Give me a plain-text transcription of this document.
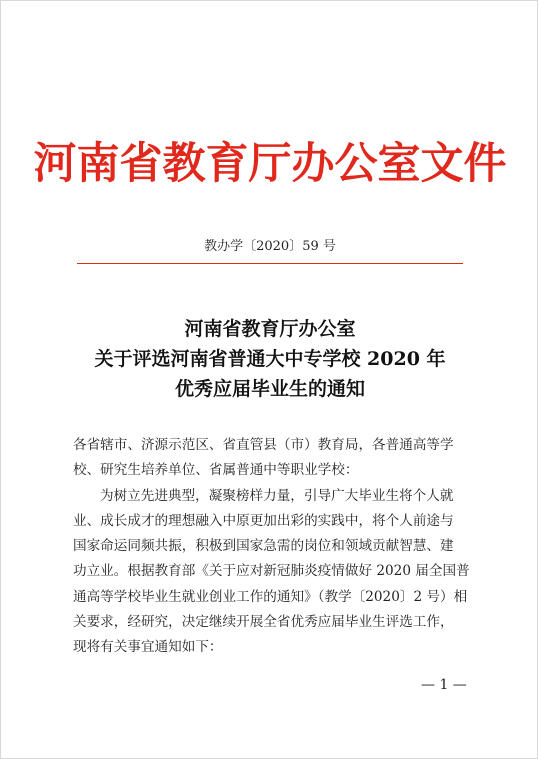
河南省教育厅办公室文件
教办学〔2020〕59 号
河南省教育厅办公室
关于评选河南省普通大中专学校 2020 年
优秀应届毕业生的通知
各省辖市、济源示范区、省直管县（市）教育局，各普通高等学
校、研究生培养单位、省属普通中等职业学校：
为树立先进典型，凝聚榜样力量，引导广大毕业生将个人就
业、成长成才的理想融入中原更加出彩的实践中，将个人前途与
国家命运同频共振，积极到国家急需的岗位和领域贡献智慧、建
功立业。根据教育部《关于应对新冠肺炎疫情做好 2020 届全国普
通高等学校毕业生就业创业工作的通知》（教学〔2020〕2 号）相
关要求，经研究，决定继续开展全省优秀应届毕业生评选工作，
现将有关事宜通知如下：
— 1 —
